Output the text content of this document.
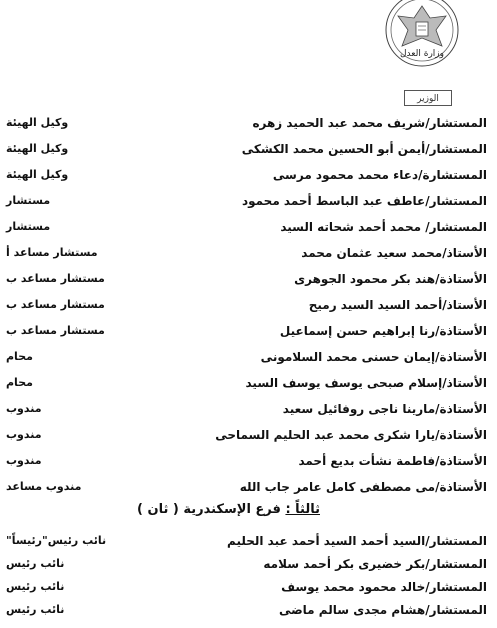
وزارة العدل
الوزير
المستشار/شريف محمد عبد الحميد زهره
وكيل الهيئة
المستشار/أيمن أبو الحسين محمد الكشكى
وكيل الهيئة
المستشارة/دعاء محمد محمود مرسى
وكيل الهيئة
المستشار/عاطف عبد الباسط أحمد محمود
مستشار
المستشار/ محمد أحمد شحاته السيد
مستشار
الأستاذ/محمد سعيد عثمان محمد
مستشار مساعد أ
الأستاذة/هند بكر محمود الجوهرى
مستشار مساعد ب
الأستاذ/أحمد السيد السيد رميح
مستشار مساعد ب
الأستاذة/رنا إبراهيم حسن إسماعيل
مستشار مساعد ب
الأستاذة/إيمان حسنى محمد السلامونى
محام
الأستاذ/إسلام صبحى يوسف يوسف السيد
محام
الأستاذة/مارينا ناجى روفائيل سعيد
مندوب
الأستاذة/يارا شكرى محمد عبد الحليم السماحى
مندوب
الأستاذة/فاطمة نشأت بديع أحمد
مندوب
الأستاذة/مى مصطفى كامل عامر جاب الله
مندوب مساعد
ثالثاً : فرع الإسكندرية ( ثان )
المستشار/السيد أحمد السيد أحمد عبد الحليم
نائب رئيس"رئيساً"
المستشار/بكر خضيرى بكر أحمد سلامه
نائب رئيس
المستشار/خالد محمود محمد يوسف
نائب رئيس
المستشار/هشام مجدى سالم ماضى
نائب رئيس
